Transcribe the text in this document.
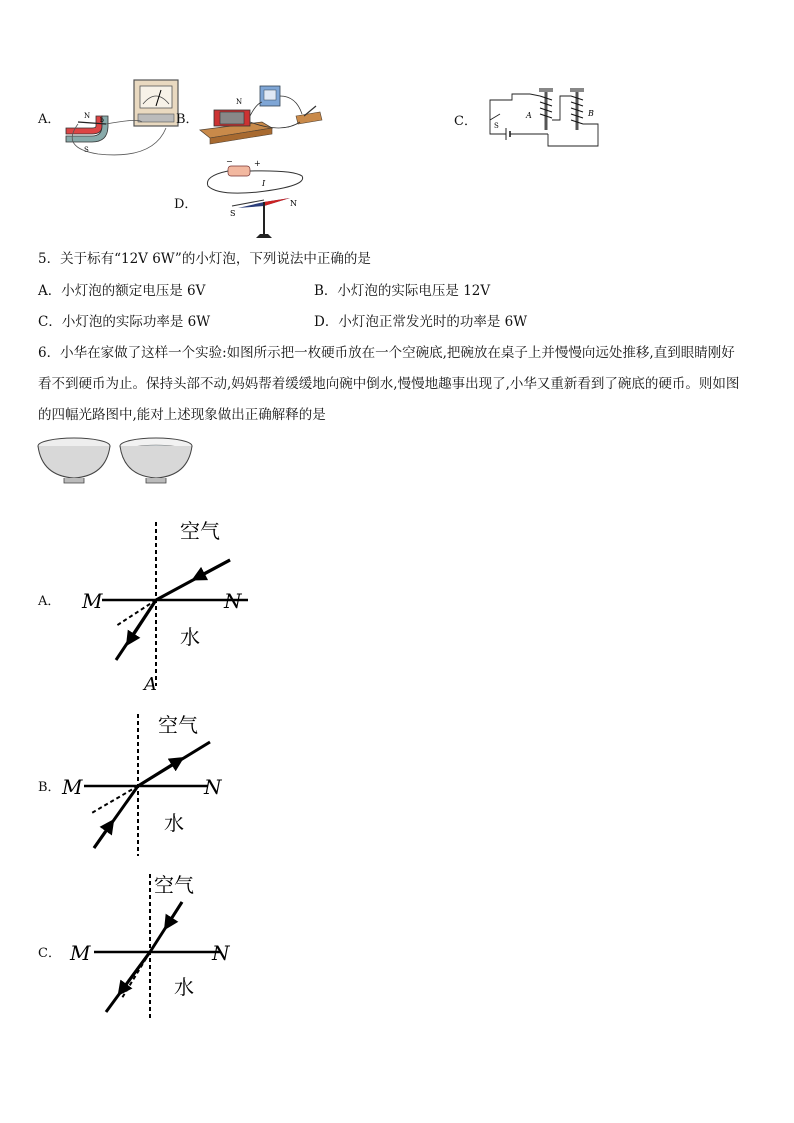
A．	N
S
b	B．
N
C． S
A	B
D．
−	+
I
S
N
5．关于标有“12V 6W”的小灯泡，下列说法中正确的是
A．小灯泡的额定电压是 6V	B．小灯泡的实际电压是 12V
C．小灯泡的实际功率是 6W	D．小灯泡正常发光时的功率是 6W
6．小华在家做了这样一个实验:如图所示把一枚硬币放在一个空碗底,把碗放在桌子上并慢慢向远处推移,直到眼睛刚好
看不到硬币为止。保持头部不动,妈妈帮着缓缓地向碗中倒水,慢慢地趣事出现了,小华又重新看到了碗底的硬币。则如图
的四幅光路图中,能对上述现象做出正确解释的是
A．
空气
水
M	N
A
B．
空气
水
M	N
C．
空气
水
M	N
